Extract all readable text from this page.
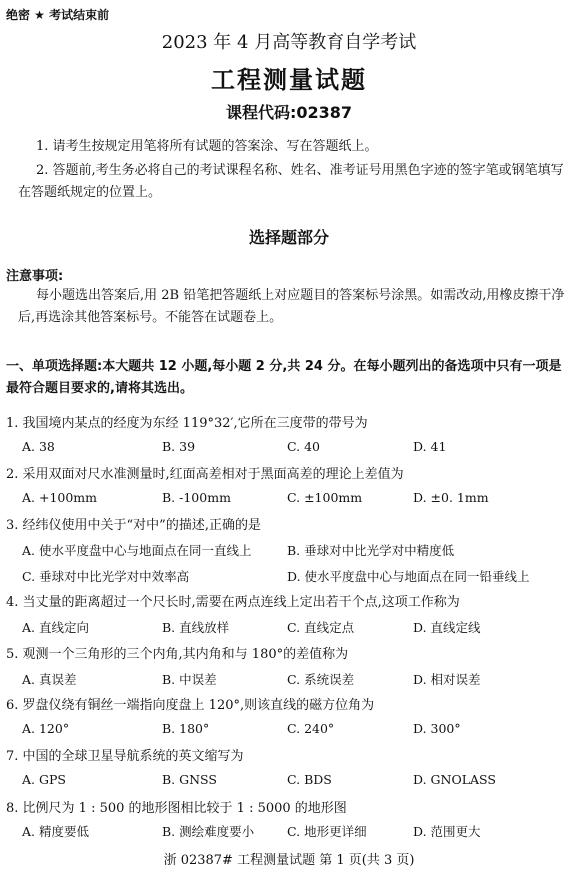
绝密 ★ 考试结束前
2023 年 4 月高等教育自学考试
工程测量试题
课程代码:02387
1. 请考生按规定用笔将所有试题的答案涂、写在答题纸上。
2. 答题前,考生务必将自己的考试课程名称、姓名、准考证号用黑色字迹的签字笔或钢笔填写在答题纸规定的位置上。
选择题部分
注意事项:
每小题选出答案后,用 2B 铅笔把答题纸上对应题目的答案标号涂黑。如需改动,用橡皮擦干净后,再选涂其他答案标号。不能答在试题卷上。
一、单项选择题:本大题共 12 小题,每小题 2 分,共 24 分。在每小题列出的备选项中只有一项是最符合题目要求的,请将其选出。
1. 我国境内某点的经度为东经 119°32′,它所在三度带的带号为
A. 38	B. 39	C. 40	D. 41
2. 采用双面对尺水准测量时,红面高差相对于黑面高差的理论上差值为
A. +100mm	B. -100mm	C. ±100mm	D. ±0. 1mm
3. 经纬仪使用中关于“对中”的描述,正确的是
A. 使水平度盘中心与地面点在同一直线上	B. 垂球对中比光学对中精度低
C. 垂球对中比光学对中效率高	D. 使水平度盘中心与地面点在同一铅垂线上
4. 当丈量的距离超过一个尺长时,需要在两点连线上定出若干个点,这项工作称为
A. 直线定向	B. 直线放样	C. 直线定点	D. 直线定线
5. 观测一个三角形的三个内角,其内角和与 180°的差值称为
A. 真误差	B. 中误差	C. 系统误差	D. 相对误差
6. 罗盘仪绕有铜丝一端指向度盘上 120°,则该直线的磁方位角为
A. 120°	B. 180°	C. 240°	D. 300°
7. 中国的全球卫星导航系统的英文缩写为
A. GPS	B. GNSS	C. BDS	D. GNOLASS
8. 比例尺为 1 : 500 的地形图相比较于 1 : 5000 的地形图
A. 精度要低	B. 测绘难度要小	C. 地形更详细	D. 范围更大
浙 02387# 工程测量试题 第 1 页(共 3 页)
